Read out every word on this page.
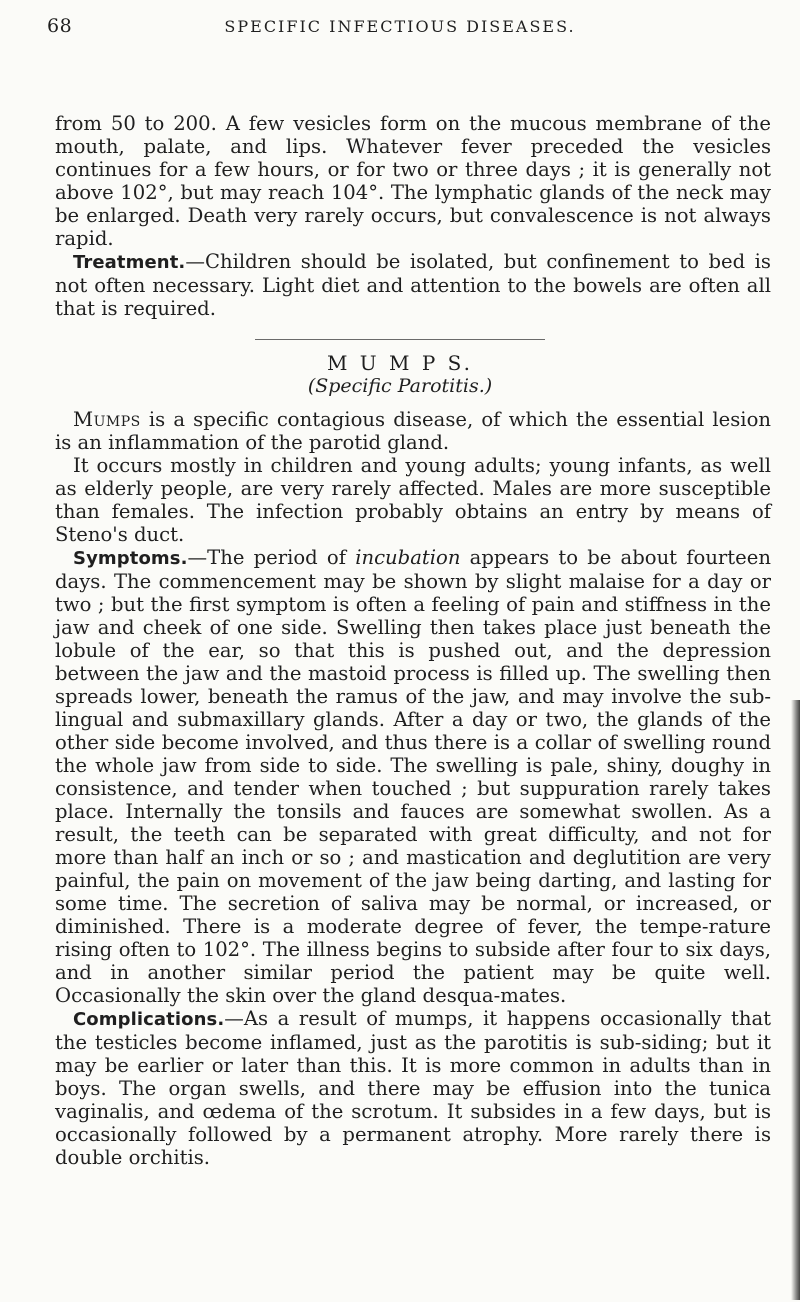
68	SPECIFIC INFECTIOUS DISEASES.

from 50 to 200. A few vesicles form on the mucous membrane of the mouth, palate, and lips. Whatever fever preceded the vesicles continues for a few hours, or for two or three days ; it is generally not above 102°, but may reach 104°. The lymphatic glands of the neck may be enlarged. Death very rarely occurs, but convalescence is not always rapid.

Treatment.—Children should be isolated, but confinement to bed is not often necessary. Light diet and attention to the bowels are often all that is required.

M U M P S.
(Specific Parotitis.)

Mumps is a specific contagious disease, of which the essential lesion is an inflammation of the parotid gland.

It occurs mostly in children and young adults; young infants, as well as elderly people, are very rarely affected. Males are more susceptible than females. The infection probably obtains an entry by means of Steno's duct.

Symptoms.—The period of incubation appears to be about fourteen days. The commencement may be shown by slight malaise for a day or two ; but the first symptom is often a feeling of pain and stiffness in the jaw and cheek of one side. Swelling then takes place just beneath the lobule of the ear, so that this is pushed out, and the depression between the jaw and the mastoid process is filled up. The swelling then spreads lower, beneath the ramus of the jaw, and may involve the sub-lingual and submaxillary glands. After a day or two, the glands of the other side become involved, and thus there is a collar of swelling round the whole jaw from side to side. The swelling is pale, shiny, doughy in consistence, and tender when touched ; but suppuration rarely takes place. Internally the tonsils and fauces are somewhat swollen. As a result, the teeth can be separated with great difficulty, and not for more than half an inch or so ; and mastication and deglutition are very painful, the pain on movement of the jaw being darting, and lasting for some time. The secretion of saliva may be normal, or increased, or diminished. There is a moderate degree of fever, the tempe-rature rising often to 102°. The illness begins to subside after four to six days, and in another similar period the patient may be quite well. Occasionally the skin over the gland desqua-mates.

Complications.—As a result of mumps, it happens occasionally that the testicles become inflamed, just as the parotitis is sub-siding; but it may be earlier or later than this. It is more common in adults than in boys. The organ swells, and there may be effusion into the tunica vaginalis, and œdema of the scrotum. It subsides in a few days, but is occasionally followed by a permanent atrophy. More rarely there is double orchitis.
